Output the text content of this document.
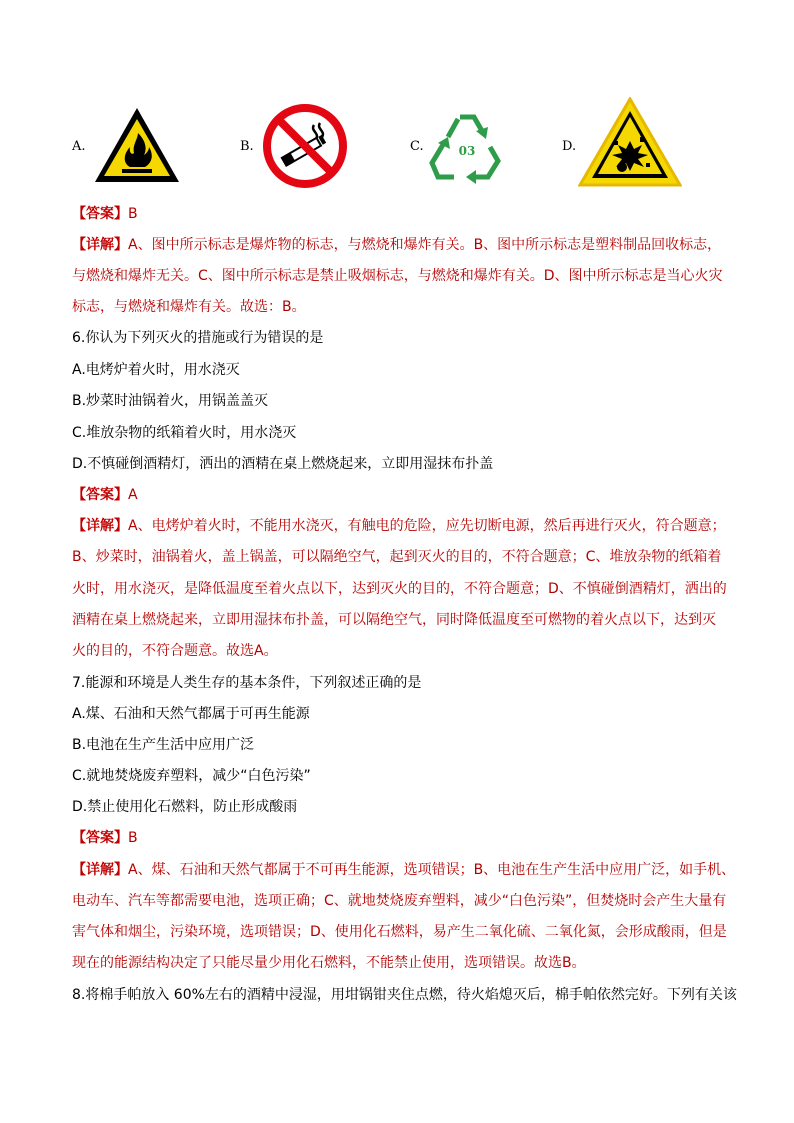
A.	B.	C.	03	D.
【答案】B
【详解】A、图中所示标志是爆炸物的标志，与燃烧和爆炸有关。B、图中所示标志是塑料制品回收标志，
与燃烧和爆炸无关。C、图中所示标志是禁止吸烟标志，与燃烧和爆炸有关。D、图中所示标志是当心火灾
标志，与燃烧和爆炸有关。故选：B。
6.你认为下列灭火的措施或行为错误的是
A.电烤炉着火时，用水浇灭
B.炒菜时油锅着火，用锅盖盖灭
C.堆放杂物的纸箱着火时，用水浇灭
D.不慎碰倒酒精灯，洒出的酒精在桌上燃烧起来，立即用湿抹布扑盖
【答案】A
【详解】A、电烤炉着火时，不能用水浇灭，有触电的危险，应先切断电源，然后再进行灭火，符合题意；
B、炒菜时，油锅着火，盖上锅盖，可以隔绝空气，起到灭火的目的，不符合题意；C、堆放杂物的纸箱着
火时，用水浇灭，是降低温度至着火点以下，达到灭火的目的，不符合题意；D、不慎碰倒酒精灯，洒出的
酒精在桌上燃烧起来，立即用湿抹布扑盖，可以隔绝空气，同时降低温度至可燃物的着火点以下，达到灭
火的目的，不符合题意。故选A。
7.能源和环境是人类生存的基本条件，下列叙述正确的是
A.煤、石油和天然气都属于可再生能源
B.电池在生产生活中应用广泛
C.就地焚烧废弃塑料，减少“白色污染”
D.禁止使用化石燃料，防止形成酸雨
【答案】B
【详解】A、煤、石油和天然气都属于不可再生能源，选项错误；B、电池在生产生活中应用广泛，如手机、
电动车、汽车等都需要电池，选项正确；C、就地焚烧废弃塑料，减少“白色污染”，但焚烧时会产生大量有
害气体和烟尘，污染环境，选项错误；D、使用化石燃料，易产生二氧化硫、二氧化氮，会形成酸雨，但是
现在的能源结构决定了只能尽量少用化石燃料，不能禁止使用，选项错误。故选B。
8.将棉手帕放入 60%左右的酒精中浸湿，用坩锅钳夹住点燃，待火焰熄灭后，棉手帕依然完好。下列有关该
